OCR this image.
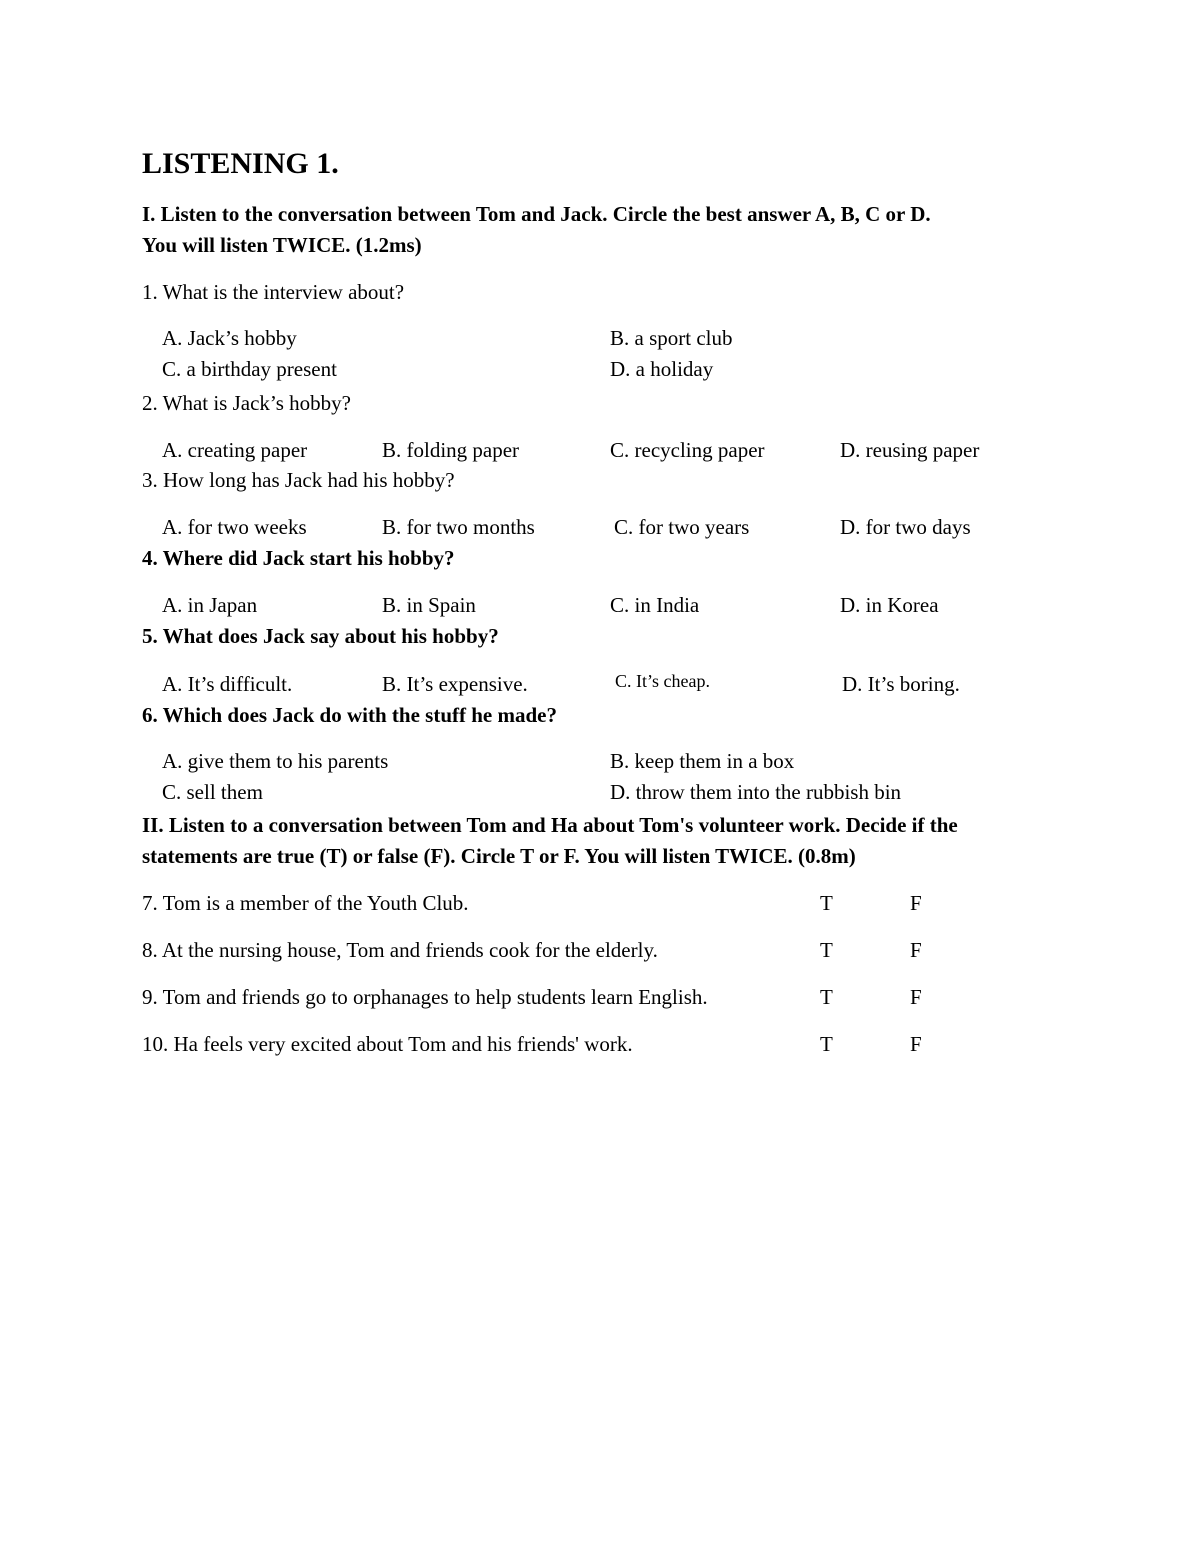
LISTENING 1.
I. Listen to the conversation between Tom and Jack. Circle the best answer A, B, C or D.
You will listen TWICE. (1.2ms)
1. What is the interview about?
A. Jack’s hobby	B. a sport club
C. a birthday present	D. a holiday
2. What is Jack’s hobby?
A. creating paper	B. folding paper	C. recycling paper	D. reusing paper
3. How long has Jack had his hobby?
A. for two weeks	B. for two months	C. for two years	D. for two days
4. Where did Jack start his hobby?
A. in Japan	B. in Spain	C. in India	D. in Korea
5. What does Jack say about his hobby?
A. It’s difficult.	B. It’s expensive.	C. It’s cheap.	D. It’s boring.
6. Which does Jack do with the stuff he made?
A. give them to his parents	B. keep them in a box
C. sell them	D. throw them into the rubbish bin
II. Listen to a conversation between Tom and Ha about Tom's volunteer work. Decide if the
statements are true (T) or false (F). Circle T or F. You will listen TWICE. (0.8m)
7. Tom is a member of the Youth Club.	T	F
8. At the nursing house, Tom and friends cook for the elderly.	T	F
9. Tom and friends go to orphanages to help students learn English.	T	F
10. Ha feels very excited about Tom and his friends' work.	T	F
